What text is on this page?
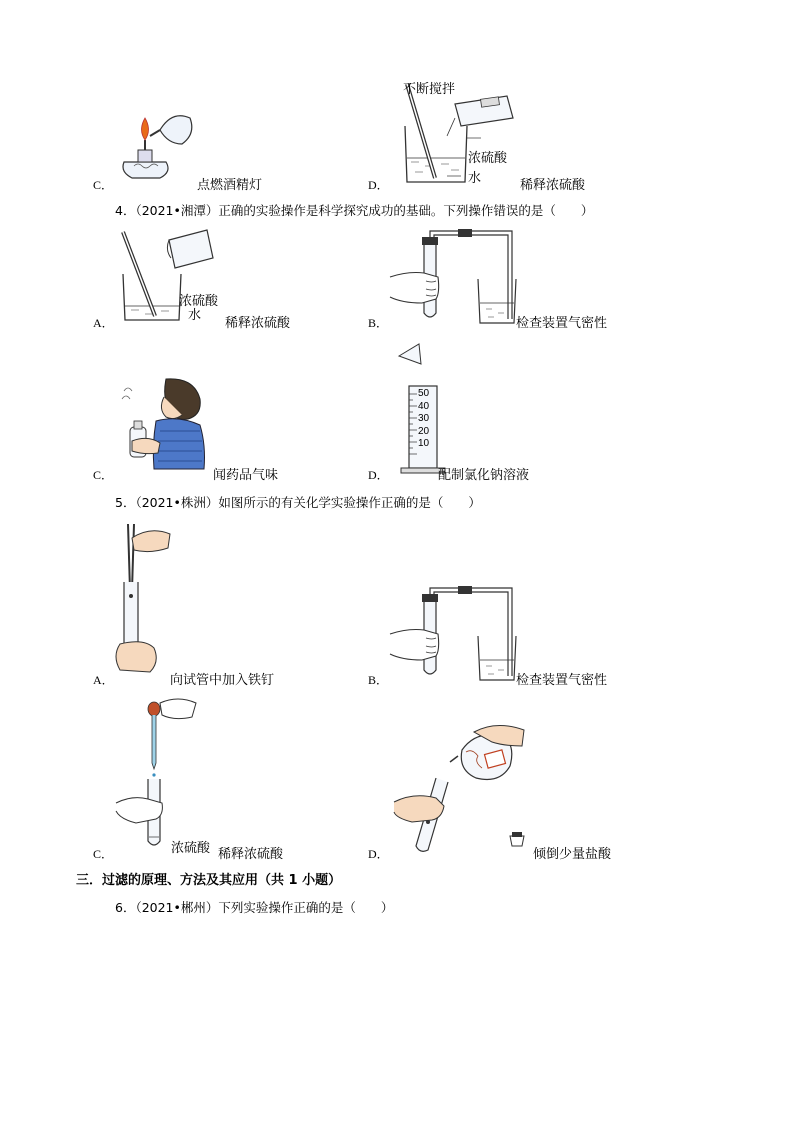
C．	点燃酒精灯
不断搅拌
浓硫酸
水
D．	稀释浓硫酸
4．（2021•湘潭）正确的实验操作是科学探究成功的基础。下列操作错误的是（　　）
浓硫酸
水
A．	稀释浓硫酸	B．	检查装置气密性
C．	闻药品气味
50
40
30
20
10
D．	配制氯化钠溶液
5．（2021•株洲）如图所示的有关化学实验操作正确的是（　　）
A．	向试管中加入铁钉	B．	检查装置气密性
浓硫酸
C．	稀释浓硫酸	D．	倾倒少量盐酸
三．过滤的原理、方法及其应用（共 1 小题）
6．（2021•郴州）下列实验操作正确的是（　　）
